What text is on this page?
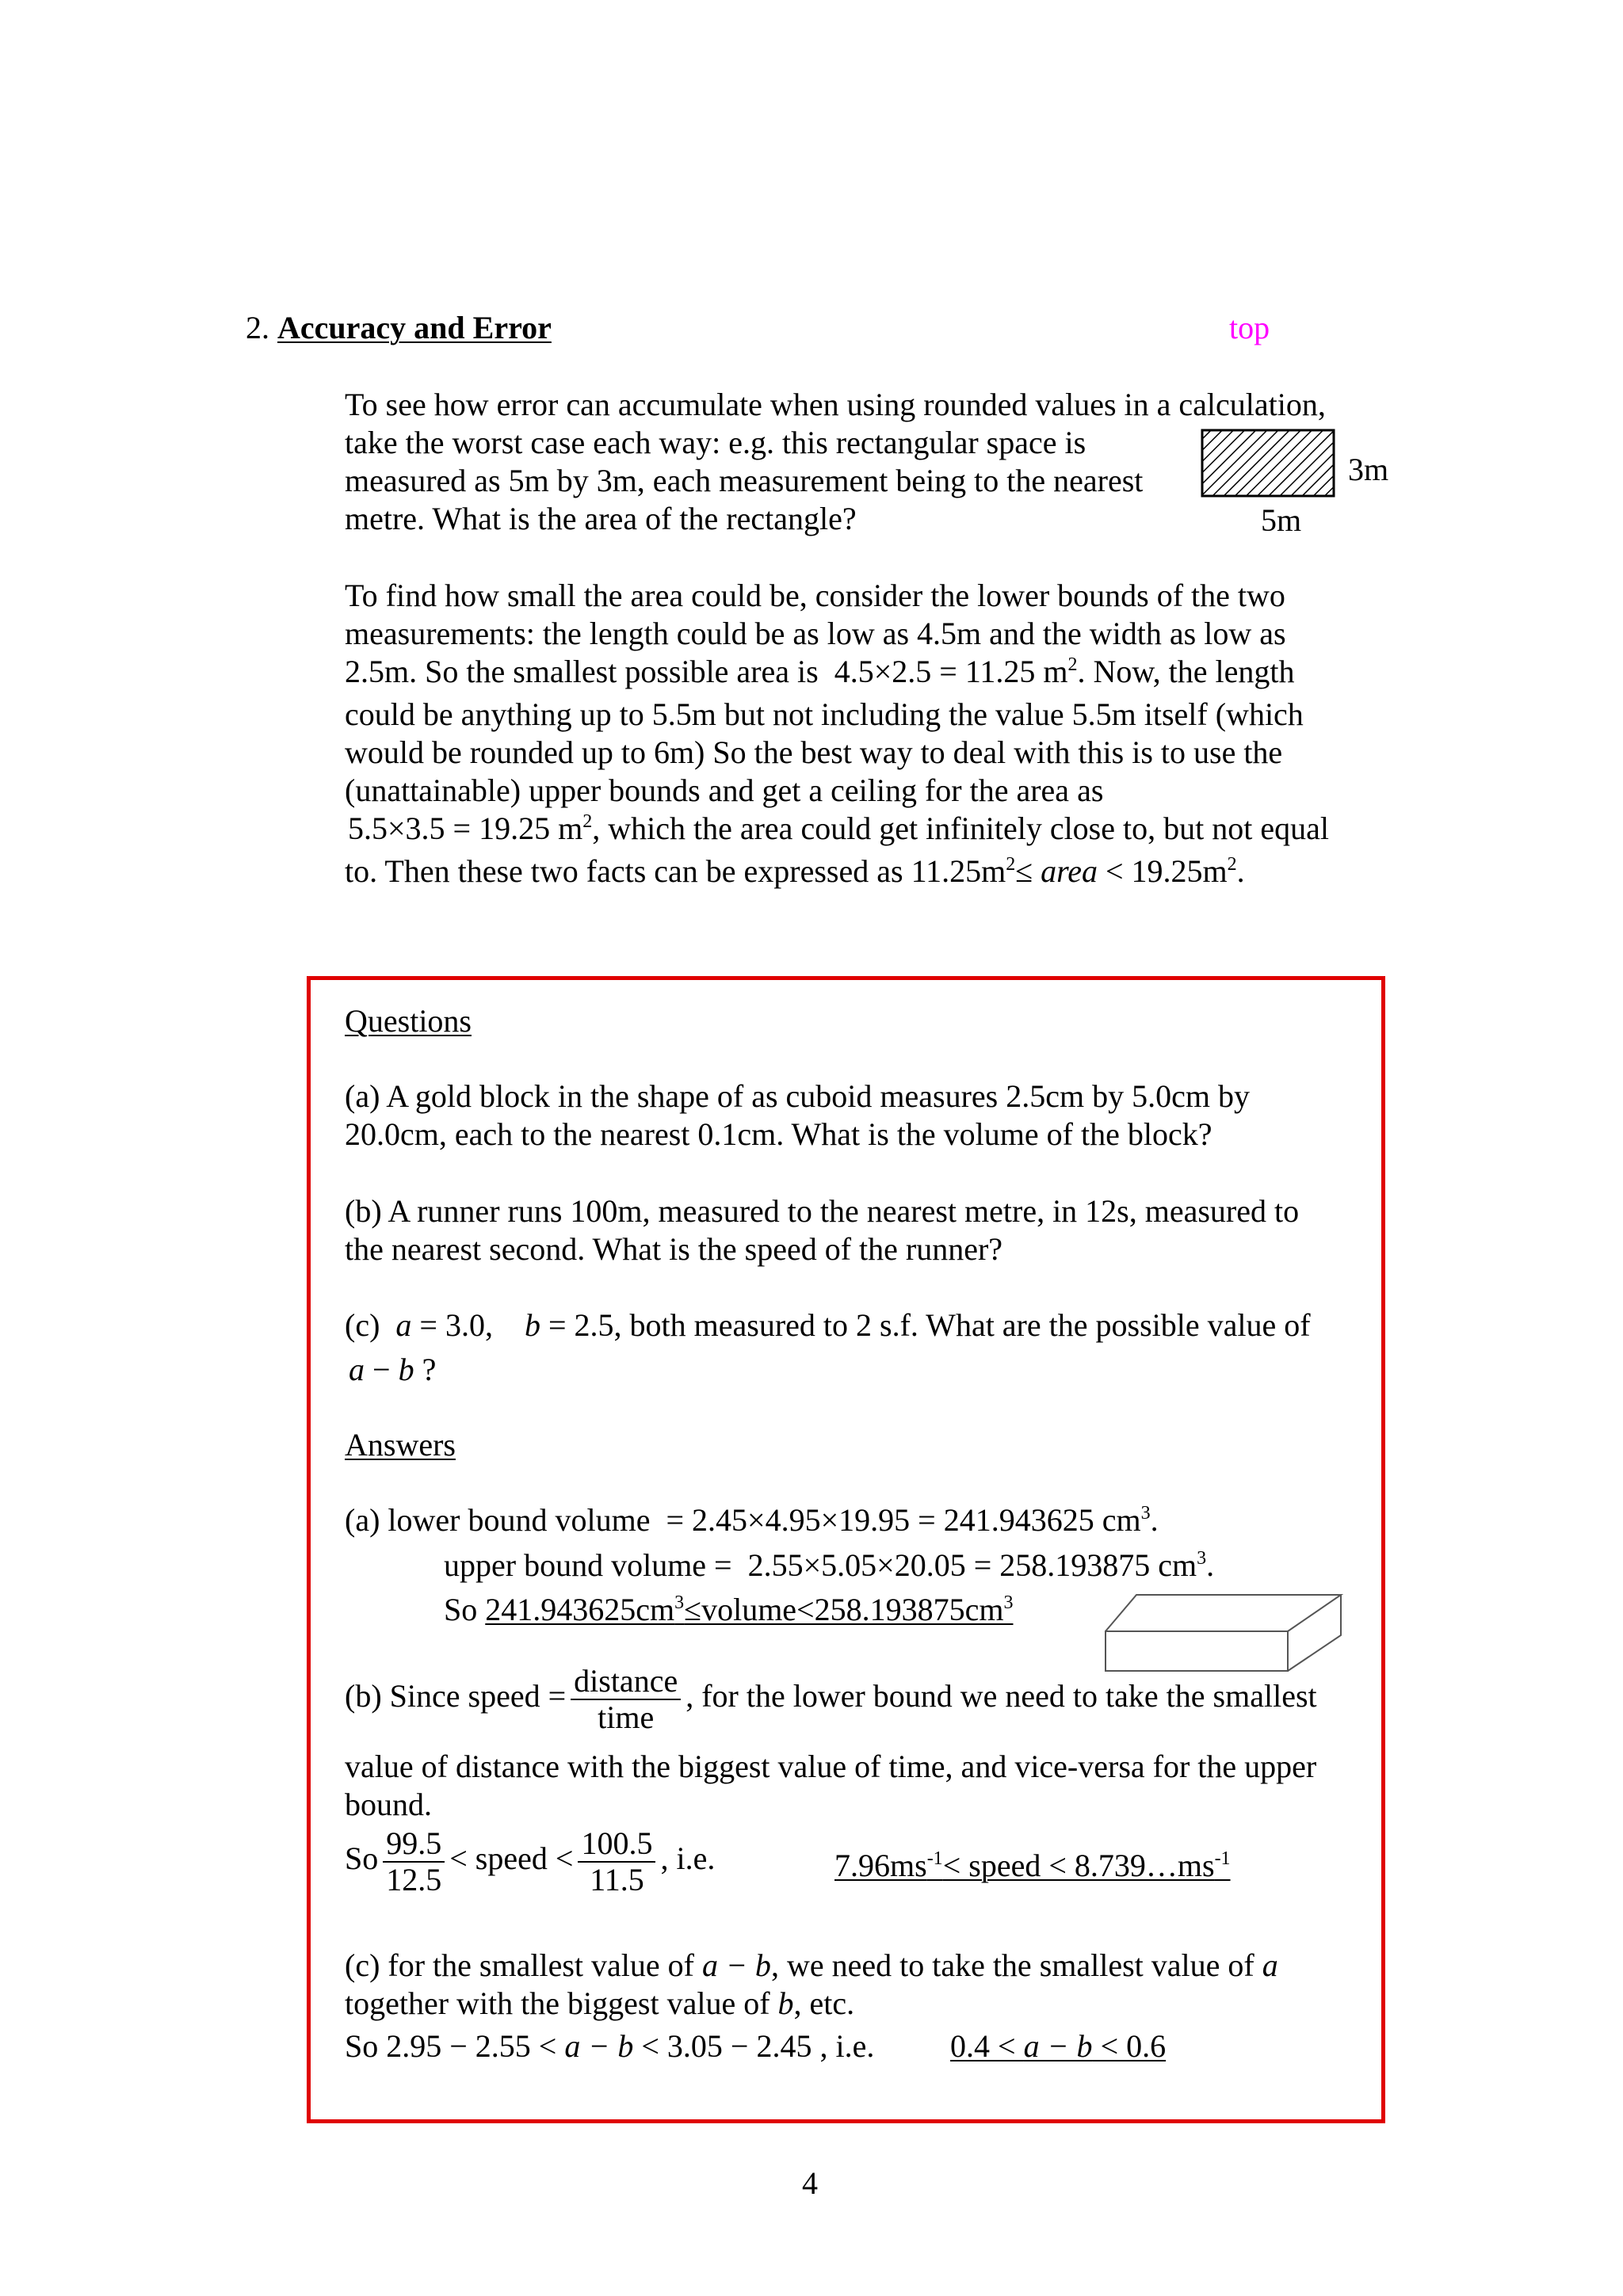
2. Accuracy and Error	top
To see how error can accumulate when using rounded values in a calculation,
take the worst case each way: e.g. this rectangular space is
measured as 5m by 3m, each measurement being to the nearest
metre. What is the area of the rectangle?
3m
5m
To find how small the area could be, consider the lower bounds of the two
measurements: the length could be as low as 4.5m and the width as low as
2.5m. So the smallest possible area is 4.5×2.5 = 11.25 $m^2$. Now, the length
could be anything up to 5.5m but not including the value 5.5m itself (which
would be rounded up to 6m) So the best way to deal with this is to use the
(unattainable) upper bounds and get a ceiling for the area as
5.5×3.5 = 19.25 $m^2$, which the area could get infinitely close to, but not equal
to. Then these two facts can be expressed as $11.25m^2\le$ area < $19.25m^2$.
Questions
(a) A gold block in the shape of as cuboid measures 2.5cm by 5.0cm by
20.0cm, each to the nearest 0.1cm. What is the volume of the block?
(b) A runner runs 100m, measured to the nearest metre, in 12s, measured to
the nearest second. What is the speed of the runner?
(c)  a = 3.0, b = 2.5, both measured to 2 s.f. What are the possible value of
a − b ?
Answers
(a) lower bound volume = 2.45×4.95×19.95 = 241.943625 $cm^3$.
upper bound volume = 2.55×5.05×20.05 = 258.193875 $cm^3$.
So $241.943625cm^3\le volume<258.193875cm^3$
(b) Since speed = $\frac{\text{distance}}{\text{time}}$ , for the lower bound we need to take the smallest
value of distance with the biggest value of time, and vice-versa for the upper
bound.
So $\frac{99.5}{12.5}$ < speed < $\frac{100.5}{11.5}$ , i.e.	$7.96ms^{-1}<$ speed < $8.739\dots ms^{-1}$
(c) for the smallest value of a − b, we need to take the smallest value of a
together with the biggest value of b, etc.
So 2.95 − 2.55 < a − b < 3.05 − 2.45 , i.e. 0.4 < a − b < 0.6
4
